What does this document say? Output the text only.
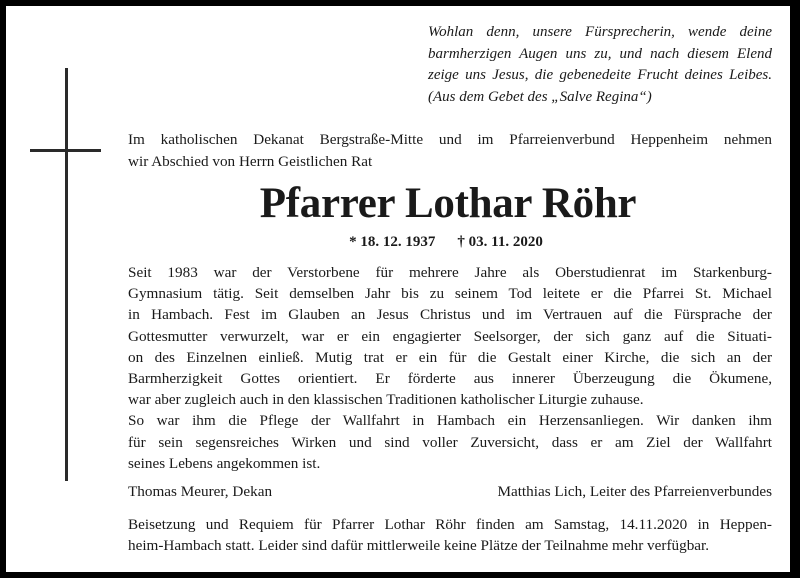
Wohlan denn, unsere Fürsprecherin, wende deine
barmherzigen Augen uns zu, und nach diesem Elend
zeige uns Jesus, die gebenedeite Frucht deines Leibes.
(Aus dem Gebet des „Salve Regina“)
Im katholischen Dekanat Bergstraße-Mitte und im Pfarreienverbund Heppenheim nehmen
wir Abschied von Herrn Geistlichen Rat
Pfarrer Lothar Röhr
* 18. 12. 1937 † 03. 11. 2020
Seit 1983 war der Verstorbene für mehrere Jahre als Oberstudienrat im Starkenburg-
Gymnasium tätig. Seit demselben Jahr bis zu seinem Tod leitete er die Pfarrei St. Michael
in Hambach. Fest im Glauben an Jesus Christus und im Vertrauen auf die Fürsprache der
Gottesmutter verwurzelt, war er ein engagierter Seelsorger, der sich ganz auf die Situati-
on des Einzelnen einließ. Mutig trat er ein für die Gestalt einer Kirche, die sich an der
Barmherzigkeit Gottes orientiert. Er förderte aus innerer Überzeugung die Ökumene,
war aber zugleich auch in den klassischen Traditionen katholischer Liturgie zuhause.
So war ihm die Pflege der Wallfahrt in Hambach ein Herzensanliegen. Wir danken ihm
für sein segensreiches Wirken und sind voller Zuversicht, dass er am Ziel der Wallfahrt
seines Lebens angekommen ist.
Thomas Meurer, Dekan	Matthias Lich, Leiter des Pfarreienverbundes
Beisetzung und Requiem für Pfarrer Lothar Röhr finden am Samstag, 14.11.2020 in Heppen-
heim-Hambach statt. Leider sind dafür mittlerweile keine Plätze der Teilnahme mehr verfügbar.
